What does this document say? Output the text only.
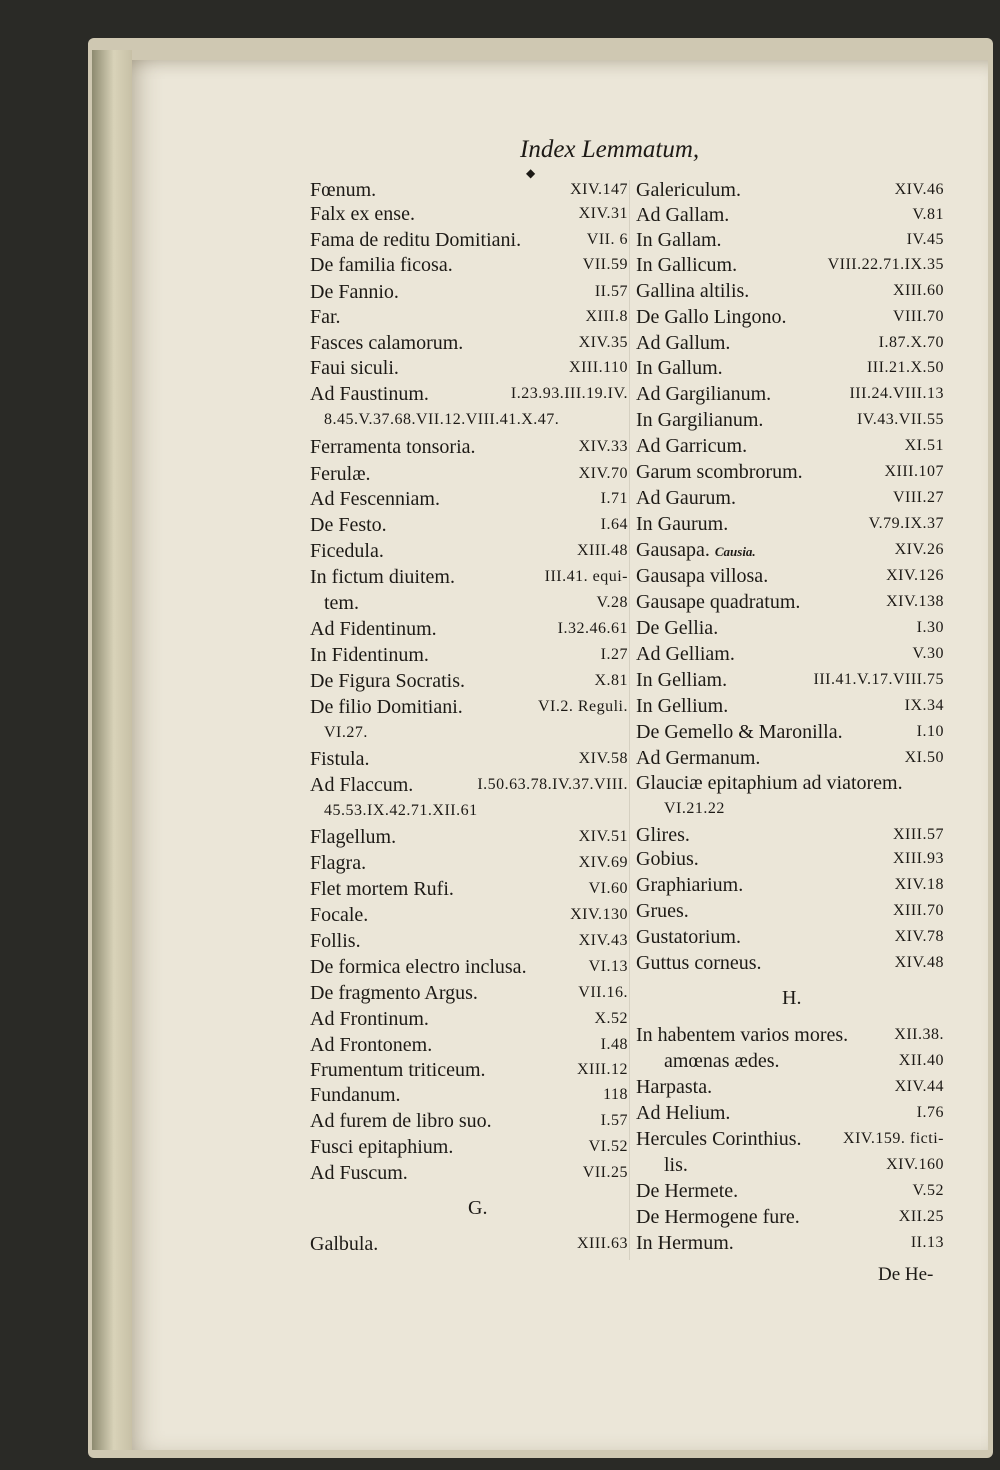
Index Lemmatum,
◆
Fœnum.	XIV.147
Falx ex ense.	XIV.31
Fama de reditu Domitiani.	VII. 6
De familia ficosa.	VII.59
De Fannio.	II.57
Far.	XIII.8
Fasces calamorum.	XIV.35
Faui siculi.	XIII.110
Ad Faustinum.	I.23.93.III.19.IV.
8.45.V.37.68.VII.12.VIII.41.X.47.
Ferramenta tonsoria.	XIV.33
Ferulæ.	XIV.70
Ad Fescenniam.	I.71
De Festo.	I.64
Ficedula.	XIII.48
In fictum diuitem.	III.41. equi-
tem.	V.28
Ad Fidentinum.	I.32.46.61
In Fidentinum.	I.27
De Figura Socratis.	X.81
De filio Domitiani.	VI.2. Reguli.
VI.27.
Fistula.	XIV.58
Ad Flaccum.	I.50.63.78.IV.37.VIII.
45.53.IX.42.71.XII.61
Flagellum.	XIV.51
Flagra.	XIV.69
Flet mortem Rufi.	VI.60
Focale.	XIV.130
Follis.	XIV.43
De formica electro inclusa.	VI.13
De fragmento Argus.	VII.16.
Ad Frontinum.	X.52
Ad Frontonem.	I.48
Frumentum triticeum.	XIII.12
Fundanum.	118
Ad furem de libro suo.	I.57
Fusci epitaphium.	VI.52
Ad Fuscum.	VII.25
Galbula.	XIII.63
Galericulum.	XIV.46
Ad Gallam.	V.81
In Gallam.	IV.45
In Gallicum.	VIII.22.71.IX.35
Gallina altilis.	XIII.60
De Gallo Lingono.	VIII.70
Ad Gallum.	I.87.X.70
In Gallum.	III.21.X.50
Ad Gargilianum.	III.24.VIII.13
In Gargilianum.	IV.43.VII.55
Ad Garricum.	XI.51
Garum scombrorum.	XIII.107
Ad Gaurum.	VIII.27
In Gaurum.	V.79.IX.37
Gausapa. Causia.	XIV.26
Gausapa villosa.	XIV.126
Gausape quadratum.	XIV.138
De Gellia.	I.30
Ad Gelliam.	V.30
In Gelliam.	III.41.V.17.VIII.75
In Gellium.	IX.34
De Gemello & Maronilla.	I.10
Ad Germanum.	XI.50
Glauciæ epitaphium ad viatorem.
VI.21.22
Glires.	XIII.57
Gobius.	XIII.93
Graphiarium.	XIV.18
Grues.	XIII.70
Gustatorium.	XIV.78
Guttus corneus.	XIV.48
In habentem varios mores.	XII.38.
amœnas ædes.	XII.40
Harpasta.	XIV.44
Ad Helium.	I.76
Hercules Corinthius.	XIV.159. ficti-
lis.	XIV.160
De Hermete.	V.52
De Hermogene fure.	XII.25
In Hermum.	II.13
G.
H.
De He-
